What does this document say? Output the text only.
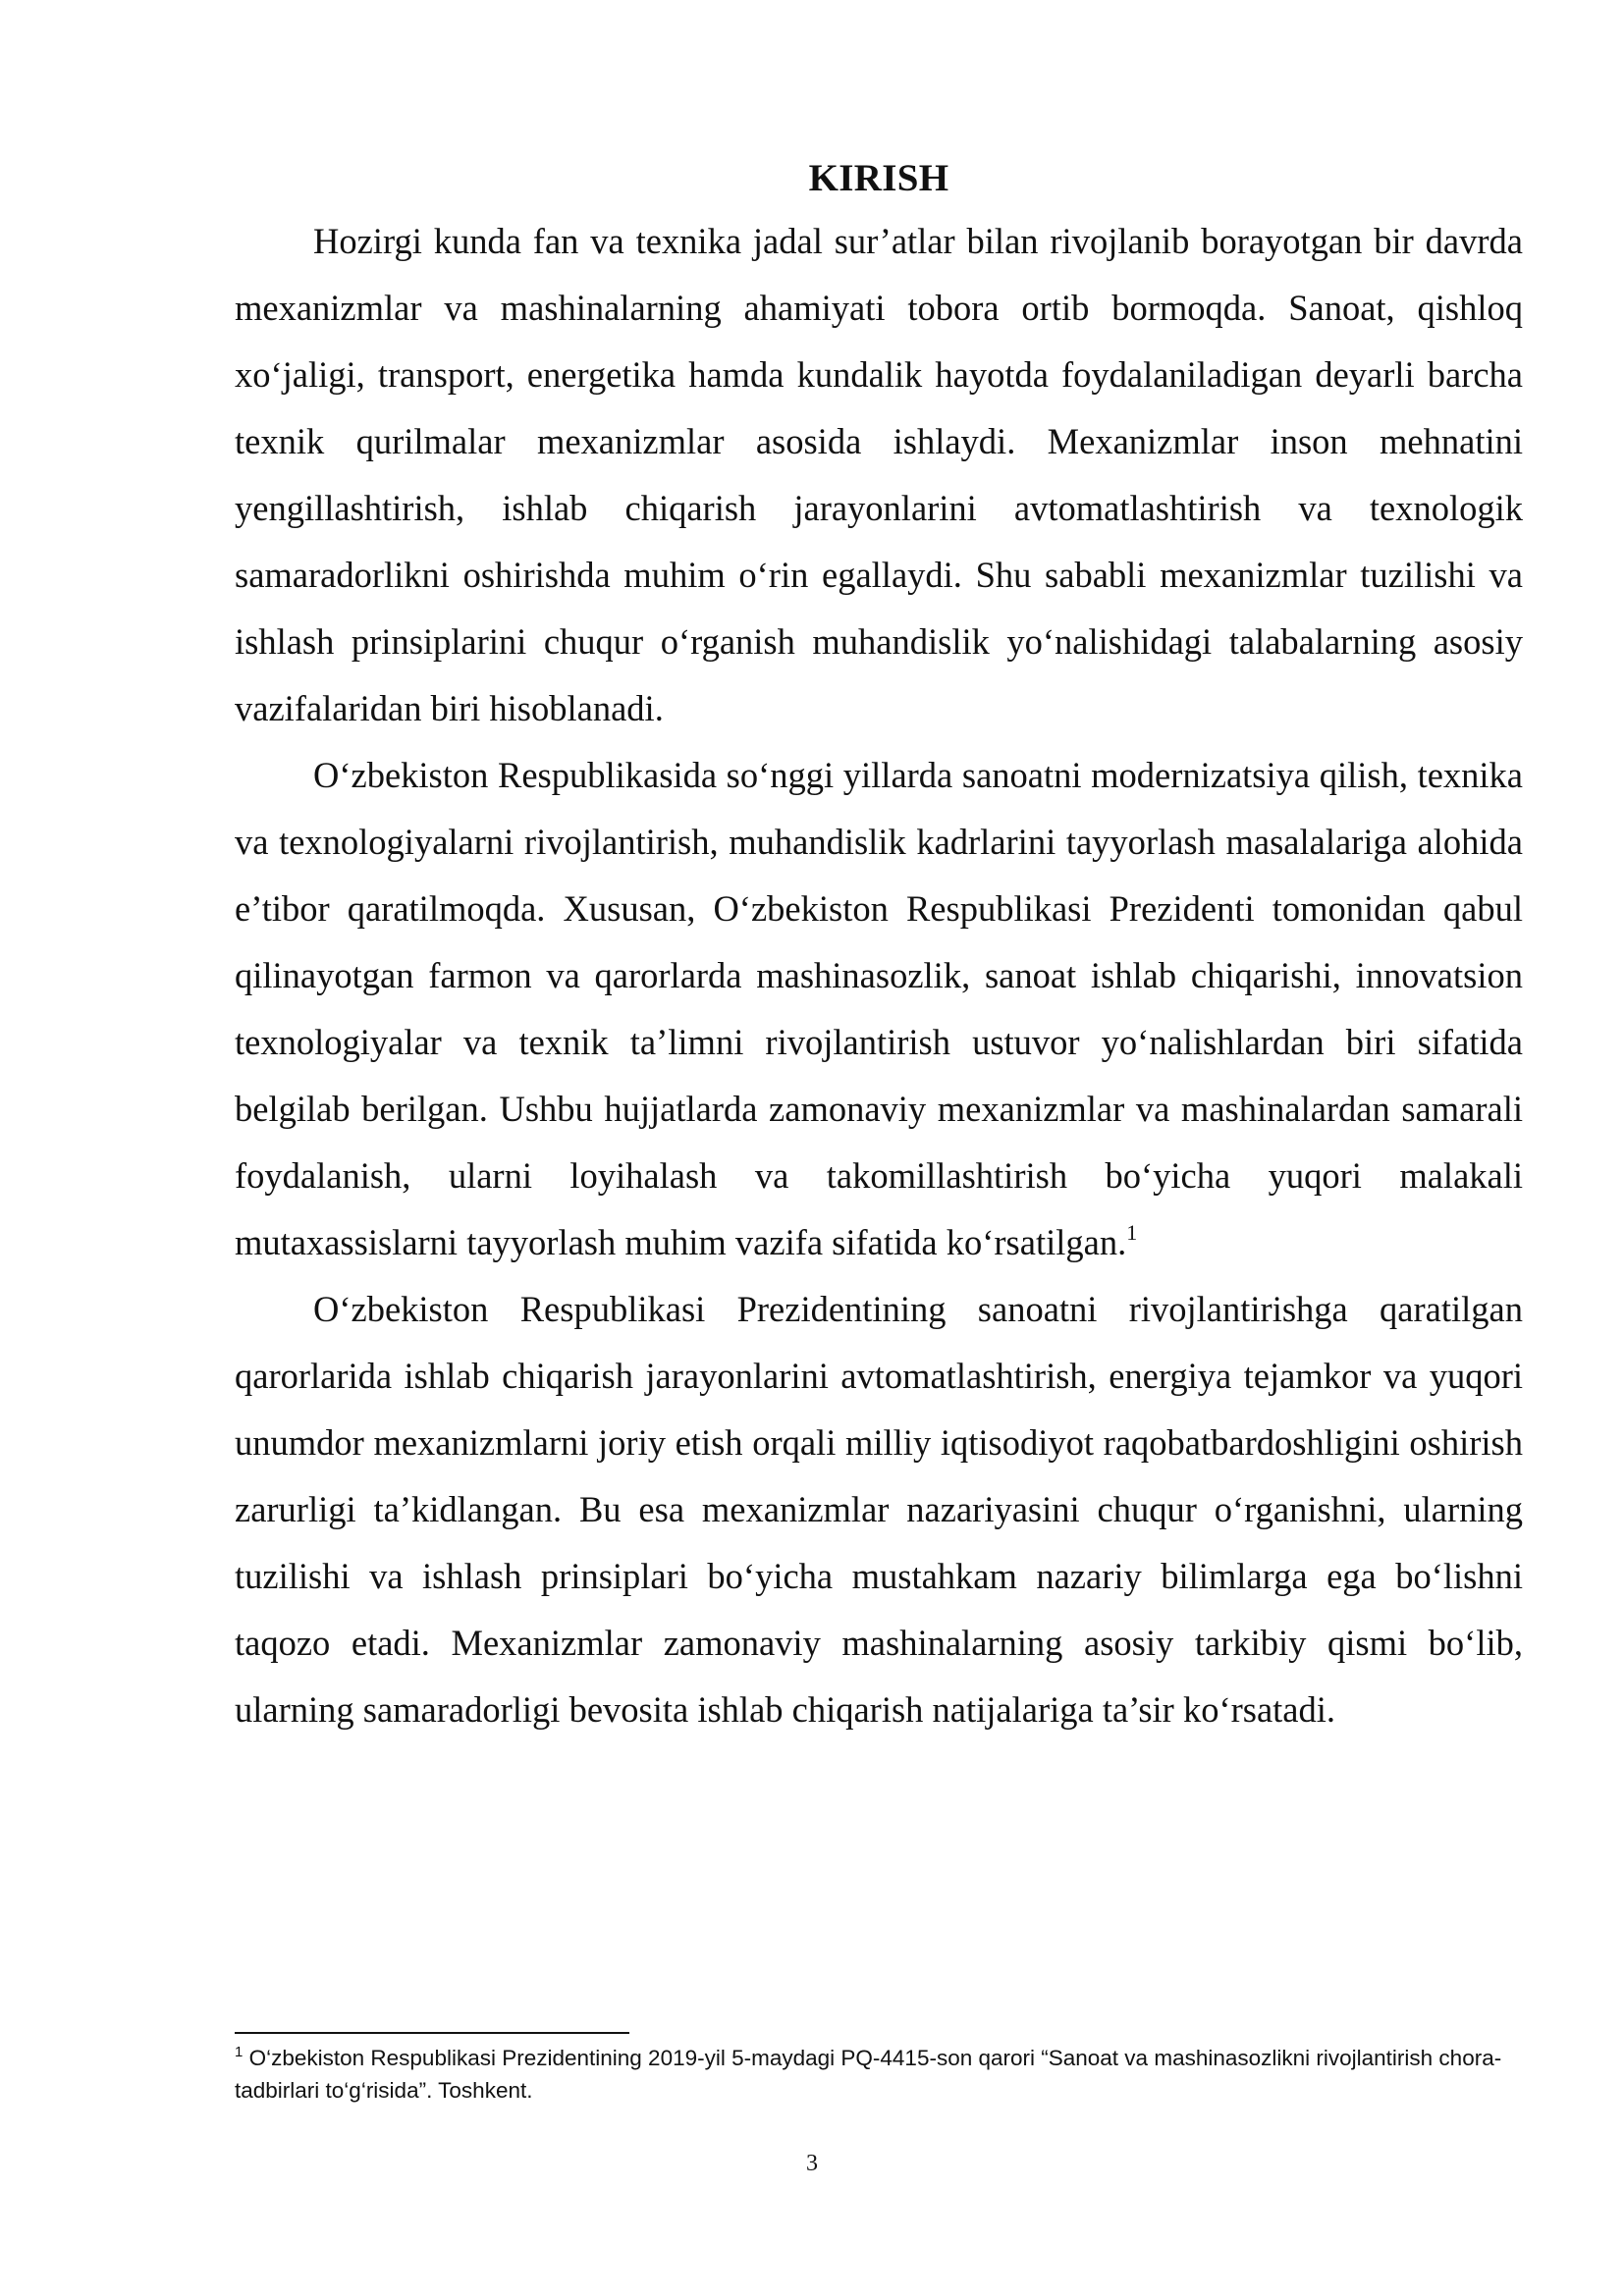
KIRISH

Hozirgi kunda fan va texnika jadal sur’atlar bilan rivojlanib borayotgan bir davrda mexanizmlar va mashinalarning ahamiyati tobora ortib bormoqda. Sanoat, qishloq xo‘jaligi, transport, energetika hamda kundalik hayotda foydalaniladigan deyarli barcha texnik qurilmalar mexanizmlar asosida ishlaydi. Mexanizmlar inson mehnatini yengillashtirish, ishlab chiqarish jarayonlarini avtomatlashtirish va texnologik samaradorlikni oshirishda muhim o‘rin egallaydi. Shu sababli mexanizmlar tuzilishi va ishlash prinsiplarini chuqur o‘rganish muhandislik yo‘nalishidagi talabalarning asosiy vazifalaridan biri hisoblanadi.

O‘zbekiston Respublikasida so‘nggi yillarda sanoatni modernizatsiya qilish, texnika va texnologiyalarni rivojlantirish, muhandislik kadrlarini tayyorlash masalalariga alohida e’tibor qaratilmoqda. Xususan, O‘zbekiston Respublikasi Prezidenti tomonidan qabul qilinayotgan farmon va qarorlarda mashinasozlik, sanoat ishlab chiqarishi, innovatsion texnologiyalar va texnik ta’limni rivojlantirish ustuvor yo‘nalishlardan biri sifatida belgilab berilgan. Ushbu hujjatlarda zamonaviy mexanizmlar va mashinalardan samarali foydalanish, ularni loyihalash va takomillashtirish bo‘yicha yuqori malakali mutaxassislarni tayyorlash muhim vazifa sifatida ko‘rsatilgan.$^1$

O‘zbekiston Respublikasi Prezidentining sanoatni rivojlantirishga qaratilgan qarorlarida ishlab chiqarish jarayonlarini avtomatlashtirish, energiya tejamkor va yuqori unumdor mexanizmlarni joriy etish orqali milliy iqtisodiyot raqobatbardoshligini oshirish zarurligi ta’kidlangan. Bu esa mexanizmlar nazariyasini chuqur o‘rganishni, ularning tuzilishi va ishlash prinsiplari bo‘yicha mustahkam nazariy bilimlarga ega bo‘lishni taqozo etadi. Mexanizmlar zamonaviy mashinalarning asosiy tarkibiy qismi bo‘lib, ularning samaradorligi bevosita ishlab chiqarish natijalariga ta’sir ko‘rsatadi.

$^1$ O‘zbekiston Respublikasi Prezidentining 2019-yil 5-maydagi PQ-4415-son qarori “Sanoat va mashinasozlikni rivojlantirish chora-tadbirlari to‘g‘risida”. Toshkent.
3
